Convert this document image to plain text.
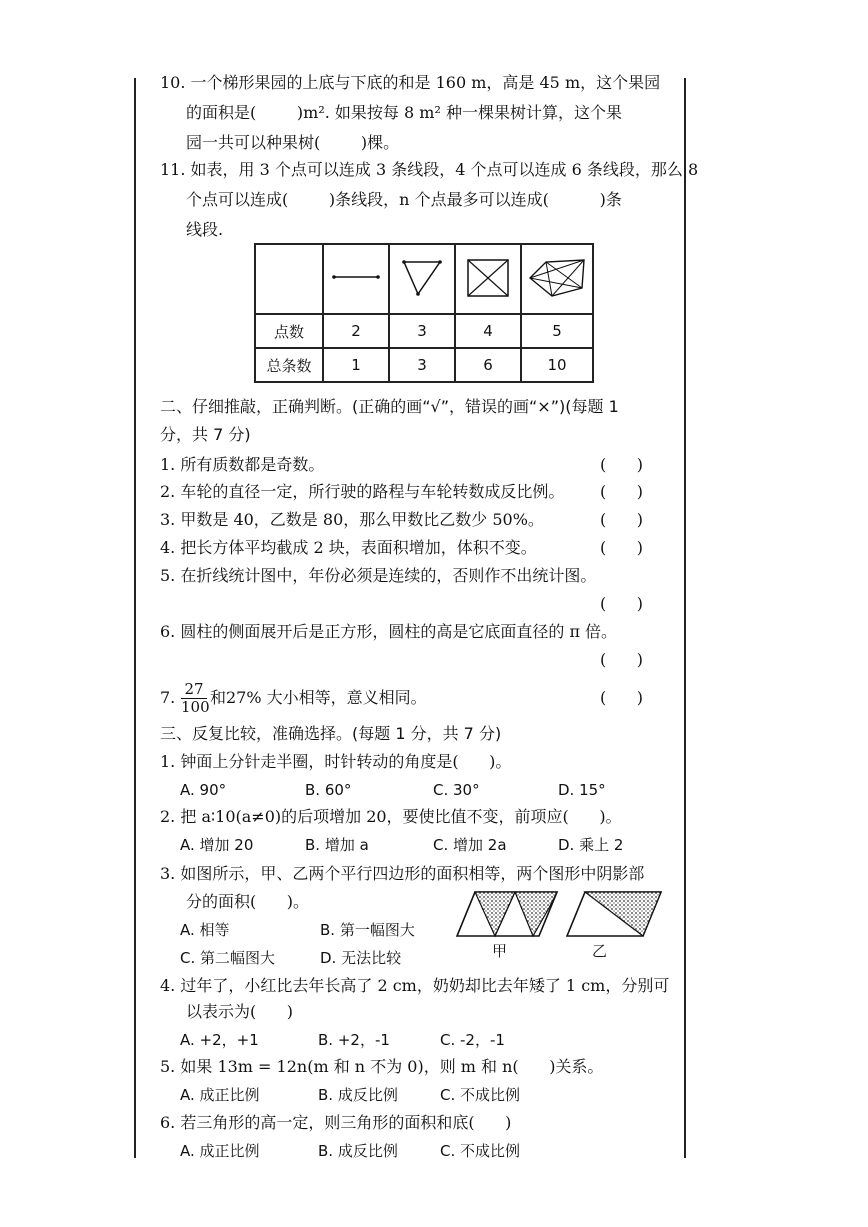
10. 一个梯形果园的上底与下底的和是 160 m，高是 45 m，这个果园
的面积是(        )m². 如果按每 8 m² 种一棵果树计算，这个果
园一共可以种果树(        )棵。
11. 如表，用 3 个点可以连成 3 条线段，4 个点可以连成 6 条线段，那么 8
个点可以连成(        )条线段，n 个点最多可以连成(          )条
线段.

点数	2	3	4	5
总条数	1	3	6	10
二、仔细推敲，正确判断。(正确的画“√”，错误的画“×”)(每题 1
分，共 7 分)
1. 所有质数都是奇数。	(      )
2. 车轮的直径一定，所行驶的路程与车轮转数成反比例。 (      )
3. 甲数是 40，乙数是 80，那么甲数比乙数少 50%。	(      )
4. 把长方体平均截成 2 块，表面积增加，体积不变。	(      )
5. 在折线统计图中，年份必须是连续的，否则作不出统计图。
(      )
6. 圆柱的侧面展开后是正方形，圆柱的高是它底面直径的 π 倍。
(      )
7. $\frac{27}{100}$ 和27% 大小相等，意义相同。	(      )
三、反复比较，准确选择。(每题 1 分，共 7 分)
1. 钟面上分针走半圈，时针转动的角度是(      )。
A. 90°	B. 60°	C. 30°	D. 15°
2. 把 a∶10(a≠0)的后项增加 20，要使比值不变，前项应(      )。
A. 增加 20	B. 增加 a	C. 增加 2a	D. 乘上 2
3. 如图所示，甲、乙两个平行四边形的面积相等，两个图形中阴影部
分的面积(      )。
A. 相等	B. 第一幅图大
C. 第二幅图大	D. 无法比较	甲	乙
4. 过年了，小红比去年长高了 2 cm，奶奶却比去年矮了 1 cm，分别可
以表示为(      )
A. +2，+1	B. +2，-1	C. -2，-1
5. 如果 13m = 12n(m 和 n 不为 0)，则 m 和 n(      )关系。
A. 成正比例	B. 成反比例	C. 不成比例
6. 若三角形的高一定，则三角形的面积和底(      )
A. 成正比例	B. 成反比例	C. 不成比例
